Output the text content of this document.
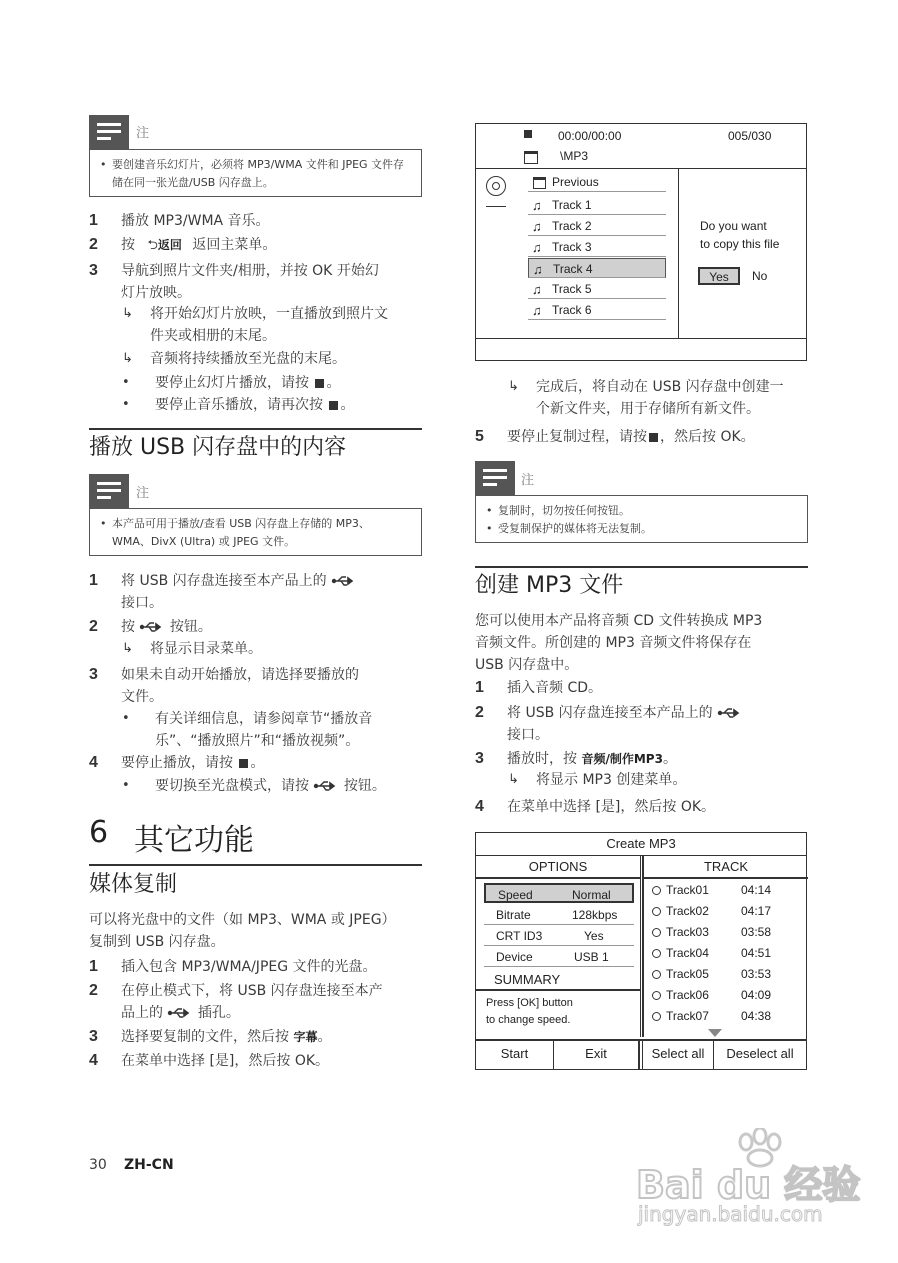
注
• 要创建音乐幻灯片，必须将 MP3/WMA 文件和 JPEG 文件存储在同一张光盘/USB 闪存盘上。
1 播放 MP3/WMA 音乐。
2 按 ⮌返回 返回主菜单。
3 导航到照片文件夹/相册，并按 OK 开始幻
灯片放映。
↳ 将开始幻灯片放映，一直播放到照片文
件夹或相册的末尾。
↳ 音频将持续播放至光盘的末尾。
• 要停止幻灯片播放，请按 。
• 要停止音乐播放，请再次按 。
播放 USB 闪存盘中的内容
注
• 本产品可用于播放/查看 USB 闪存盘上存储的 MP3、
WMA、DivX (Ultra) 或 JPEG 文件。
1 将 USB 闪存盘连接至本产品上的
接口。
2 按 按钮。
↳ 将显示目录菜单。
3 如果未自动开始播放，请选择要播放的
文件。
• 有关详细信息，请参阅章节“播放音
乐”、“播放照片”和“播放视频”。
4 要停止播放，请按 。
• 要切换至光盘模式，请按 按钮。
6 其它功能
媒体复制
可以将光盘中的文件（如 MP3、WMA 或 JPEG）
复制到 USB 闪存盘。
1 插入包含 MP3/WMA/JPEG 文件的光盘。
2 在停止模式下，将 USB 闪存盘连接至本产
品上的 插孔。
3 选择要复制的文件，然后按 字幕。
4 在菜单中选择 [是]，然后按 OK。
00:00/00:00	005/030
\MP3
Previous
♫ Track 1
♫ Track 2
♫ Track 3
♫ Track 4
♫ Track 5
♫ Track 6
Do you want
to copy this file
Yes	No
↳ 完成后，将自动在 USB 闪存盘中创建一
个新文件夹，用于存储所有新文件。
5 要停止复制过程，请按 ，然后按 OK。
注
• 复制时，切勿按任何按钮。
• 受复制保护的媒体将无法复制。
创建 MP3 文件
您可以使用本产品将音频 CD 文件转换成 MP3
音频文件。所创建的 MP3 音频文件将保存在
USB 闪存盘中。
1 插入音频 CD。
2 将 USB 闪存盘连接至本产品上的
接口。
3 播放时，按 音频/制作MP3。
↳ 将显示 MP3 创建菜单。
4 在菜单中选择 [是]，然后按 OK。
Create MP3
OPTIONS	TRACK
Speed	Normal
Bitrate	128kbps
CRT ID3	Yes
Device	USB 1
SUMMARY
Press [OK] button
to change speed.
Track01	04:14
Track02	04:17
Track03	03:58
Track04	04:51
Track05	03:53
Track06	04:09
Track07	04:38
Start	Exit	Select all	Deselect all
30 ZH-CN	Bai du 经验
jingyan.baidu.com
